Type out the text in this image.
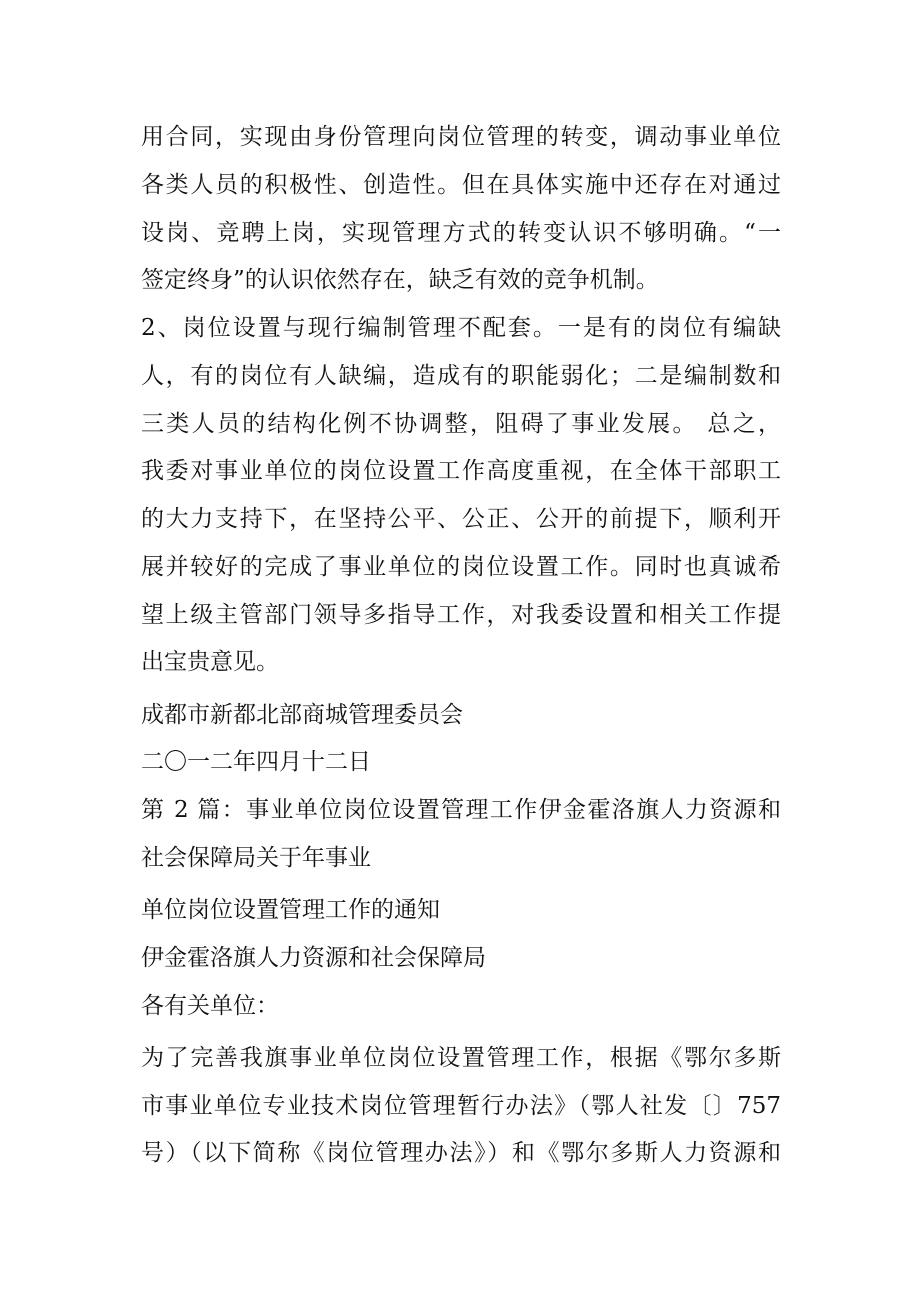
用合同，实现由身份管理向岗位管理的转变，调动事业单位
各类人员的积极性、创造性。但在具体实施中还存在对通过
设岗、竞聘上岗，实现管理方式的转变认识不够明确。“一
签定终身”的认识依然存在，缺乏有效的竞争机制。
2、岗位设置与现行编制管理不配套。一是有的岗位有编缺
人，有的岗位有人缺编，造成有的职能弱化；二是编制数和
三类人员的结构化例不协调整，阻碍了事业发展。 总之，
我委对事业单位的岗位设置工作高度重视，在全体干部职工
的大力支持下，在坚持公平、公正、公开的前提下，顺利开
展并较好的完成了事业单位的岗位设置工作。同时也真诚希
望上级主管部门领导多指导工作，对我委设置和相关工作提
出宝贵意见。
成都市新都北部商城管理委员会
二〇一二年四月十二日
第 2 篇：事业单位岗位设置管理工作伊金霍洛旗人力资源和
社会保障局关于年事业
单位岗位设置管理工作的通知
伊金霍洛旗人力资源和社会保障局
各有关单位：
为了完善我旗事业单位岗位设置管理工作，根据《鄂尔多斯
市事业单位专业技术岗位管理暂行办法》（鄂人社发〔〕757
号）（以下简称《岗位管理办法》）和《鄂尔多斯人力资源和
